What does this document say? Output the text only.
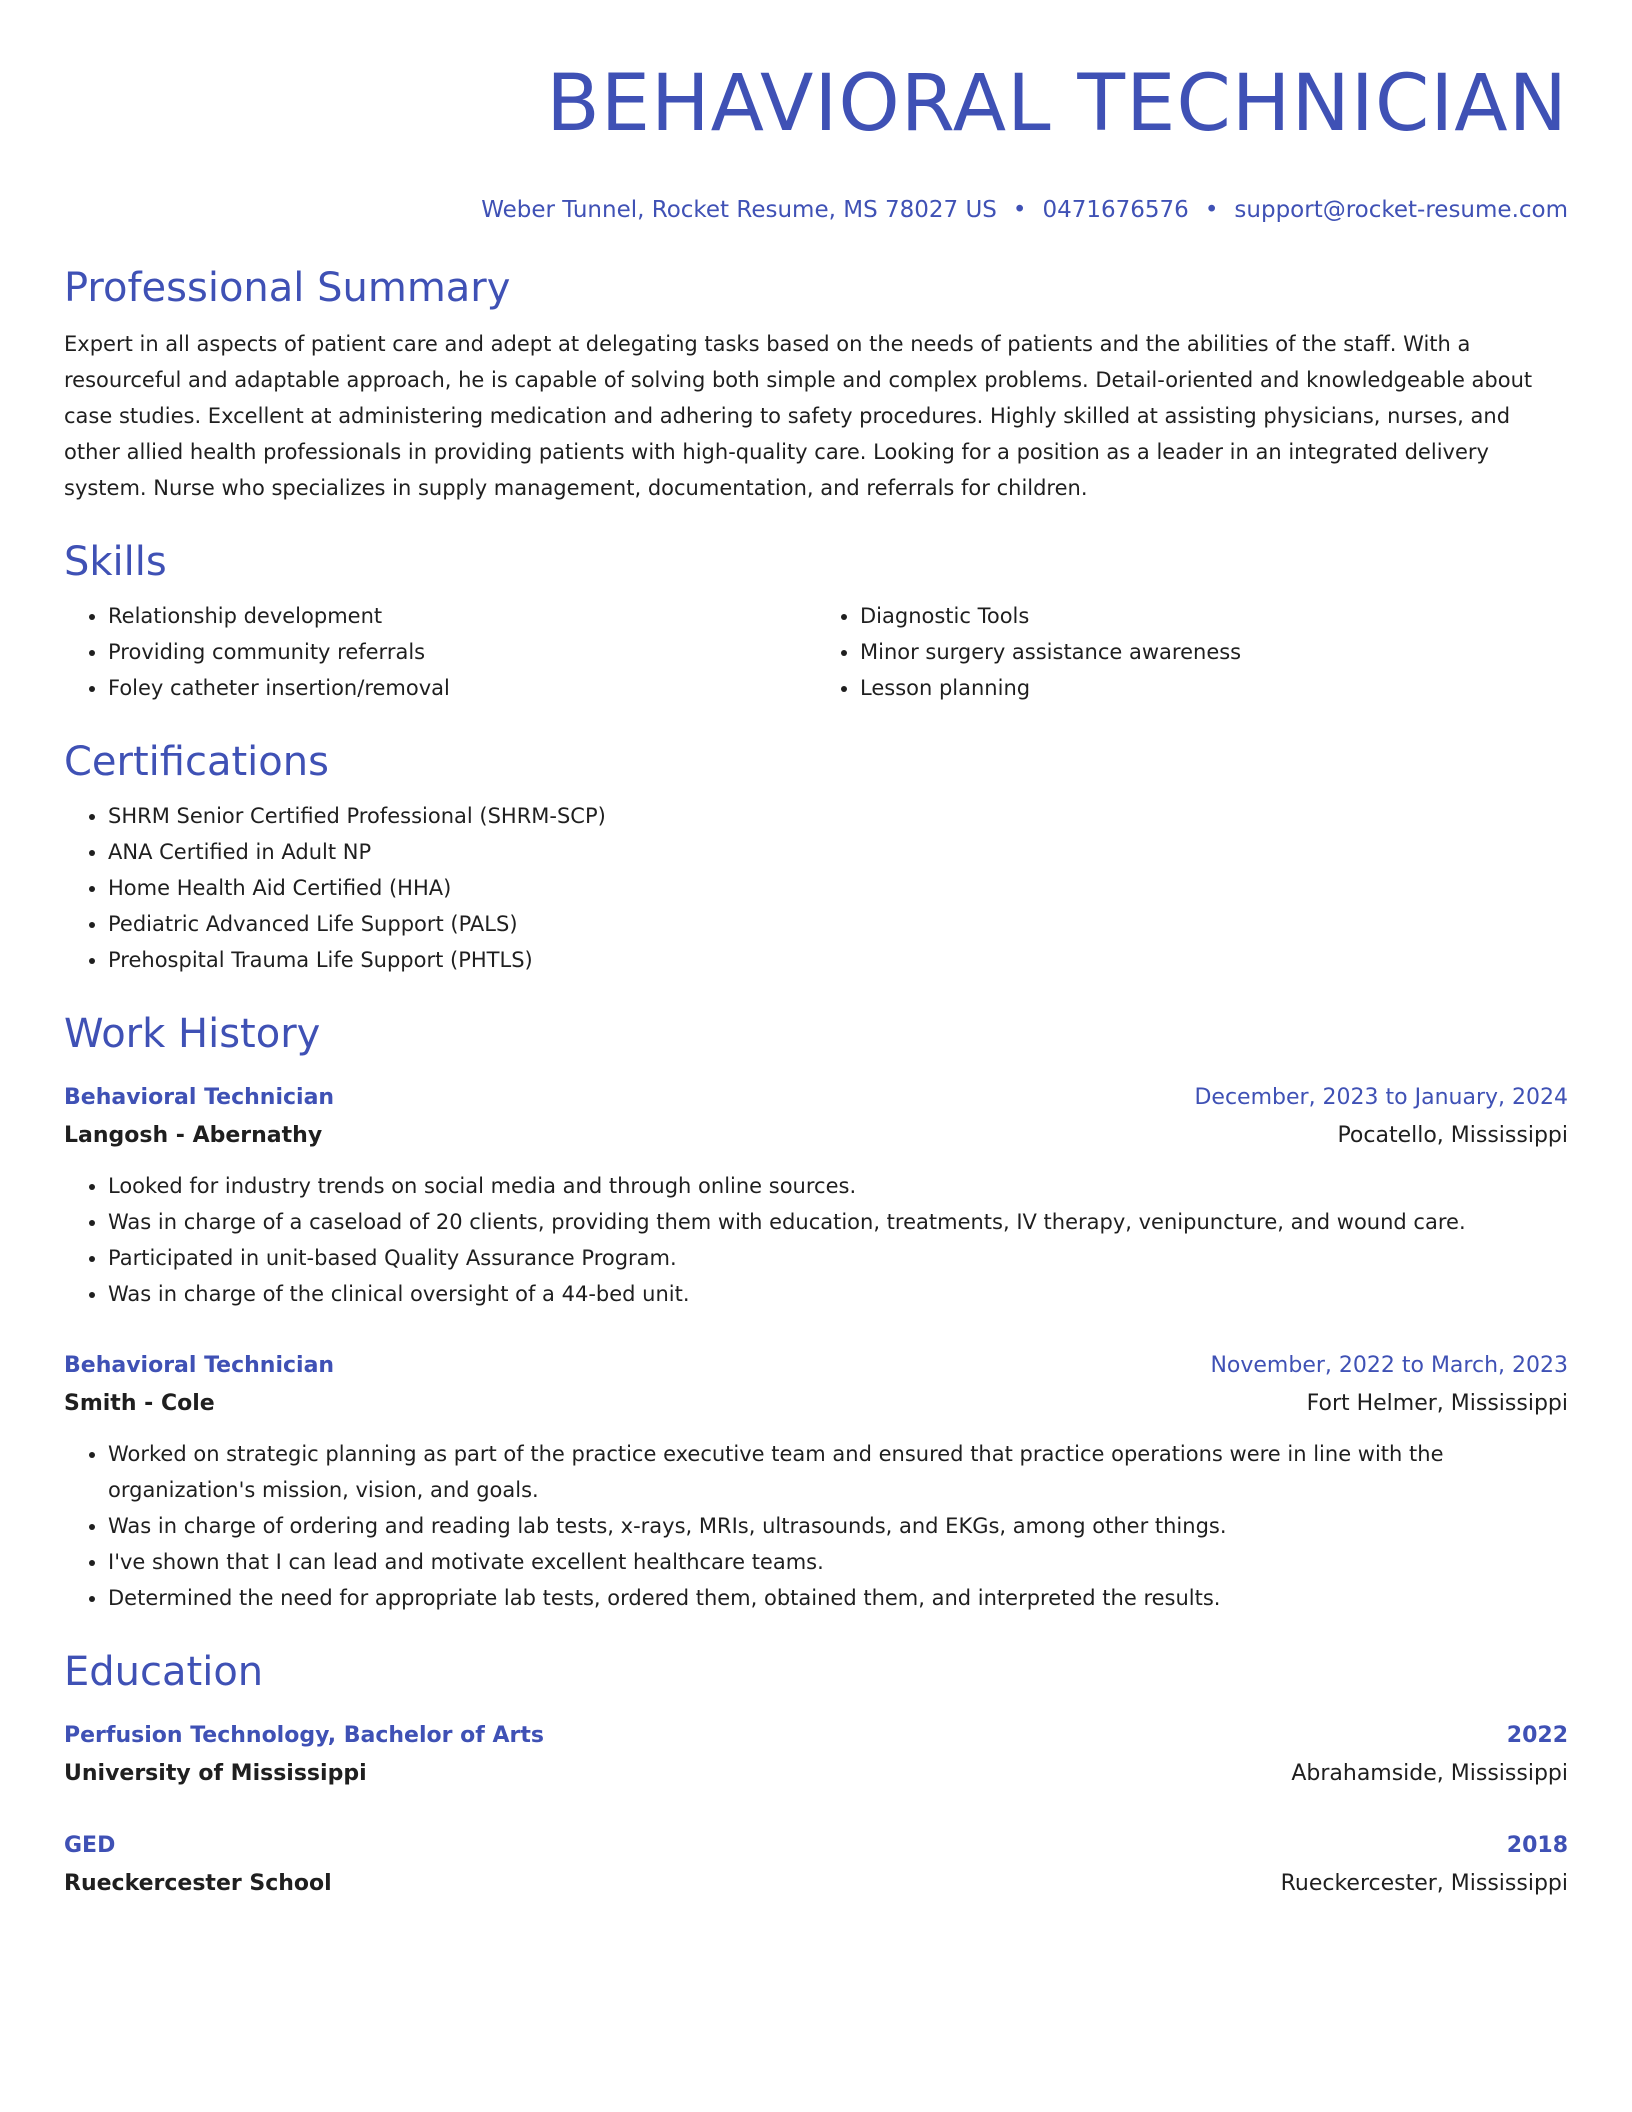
BEHAVIORAL TECHNICIAN
Weber Tunnel, Rocket Resume, MS 78027 US • 0471676576 • support@rocket-resume.com
Professional Summary

Expert in all aspects of patient care and adept at delegating tasks based on the needs of patients and the abilities of the staff. With a resourceful and adaptable approach, he is capable of solving both simple and complex problems. Detail-oriented and knowledgeable about case studies. Excellent at administering medication and adhering to safety procedures. Highly skilled at assisting physicians, nurses, and other allied health professionals in providing patients with high-quality care. Looking for a position as a leader in an integrated delivery system. Nurse who specializes in supply management, documentation, and referrals for children.

Skills
• Relationship development
• Providing community referrals
• Foley catheter insertion/removal
• Diagnostic Tools
• Minor surgery assistance awareness
• Lesson planning
Certifications
• SHRM Senior Certified Professional (SHRM-SCP)
• ANA Certified in Adult NP
• Home Health Aid Certified (HHA)
• Pediatric Advanced Life Support (PALS)
• Prehospital Trauma Life Support (PHTLS)
Work History
Behavioral Technician	December, 2023 to January, 2024
Langosh - Abernathy	Pocatello, Mississippi
• Looked for industry trends on social media and through online sources.
• Was in charge of a caseload of 20 clients, providing them with education, treatments, IV therapy, venipuncture, and wound care.
• Participated in unit-based Quality Assurance Program.
• Was in charge of the clinical oversight of a 44-bed unit.
Behavioral Technician	November, 2022 to March, 2023
Smith - Cole	Fort Helmer, Mississippi
• Worked on strategic planning as part of the practice executive team and ensured that practice operations were in line with the organization's mission, vision, and goals.
• Was in charge of ordering and reading lab tests, x-rays, MRIs, ultrasounds, and EKGs, among other things.
• I've shown that I can lead and motivate excellent healthcare teams.
• Determined the need for appropriate lab tests, ordered them, obtained them, and interpreted the results.
Education
Perfusion Technology, Bachelor of Arts	2022
University of Mississippi	Abrahamside, Mississippi
GED	2018
Rueckercester School	Rueckercester, Mississippi
